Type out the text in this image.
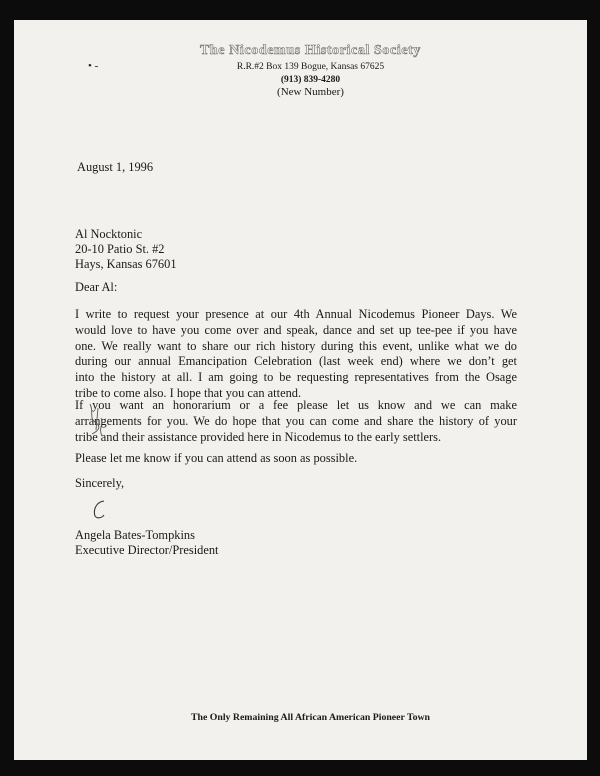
The Nicodemus Historical Society
R.R.#2 Box 139 Bogue, Kansas 67625
(913) 839-4280
(New Number)
• ‑
August 1, 1996
Al Nocktonic
20-10 Patio St. #2
Hays, Kansas 67601
Dear Al:
I write to request your presence at our 4th Annual Nicodemus Pioneer Days. We
would love to have you come over and speak, dance and set up tee-pee if you have
one. We really want to share our rich history during this event, unlike what we do
during our annual Emancipation Celebration (last week end) where we don’t get
into the history at all. I am going to be requesting representatives from the Osage
tribe to come also. I hope that you can attend.
If you want an honorarium or a fee please let us know and we can make
arrangements for you. We do hope that you can come and share the history of your
tribe and their assistance provided here in Nicodemus to the early settlers.
Please let me know if you can attend as soon as possible.
Sincerely,
Angela Bates-Tompkins
Executive Director/President
The Only Remaining All African American Pioneer Town
